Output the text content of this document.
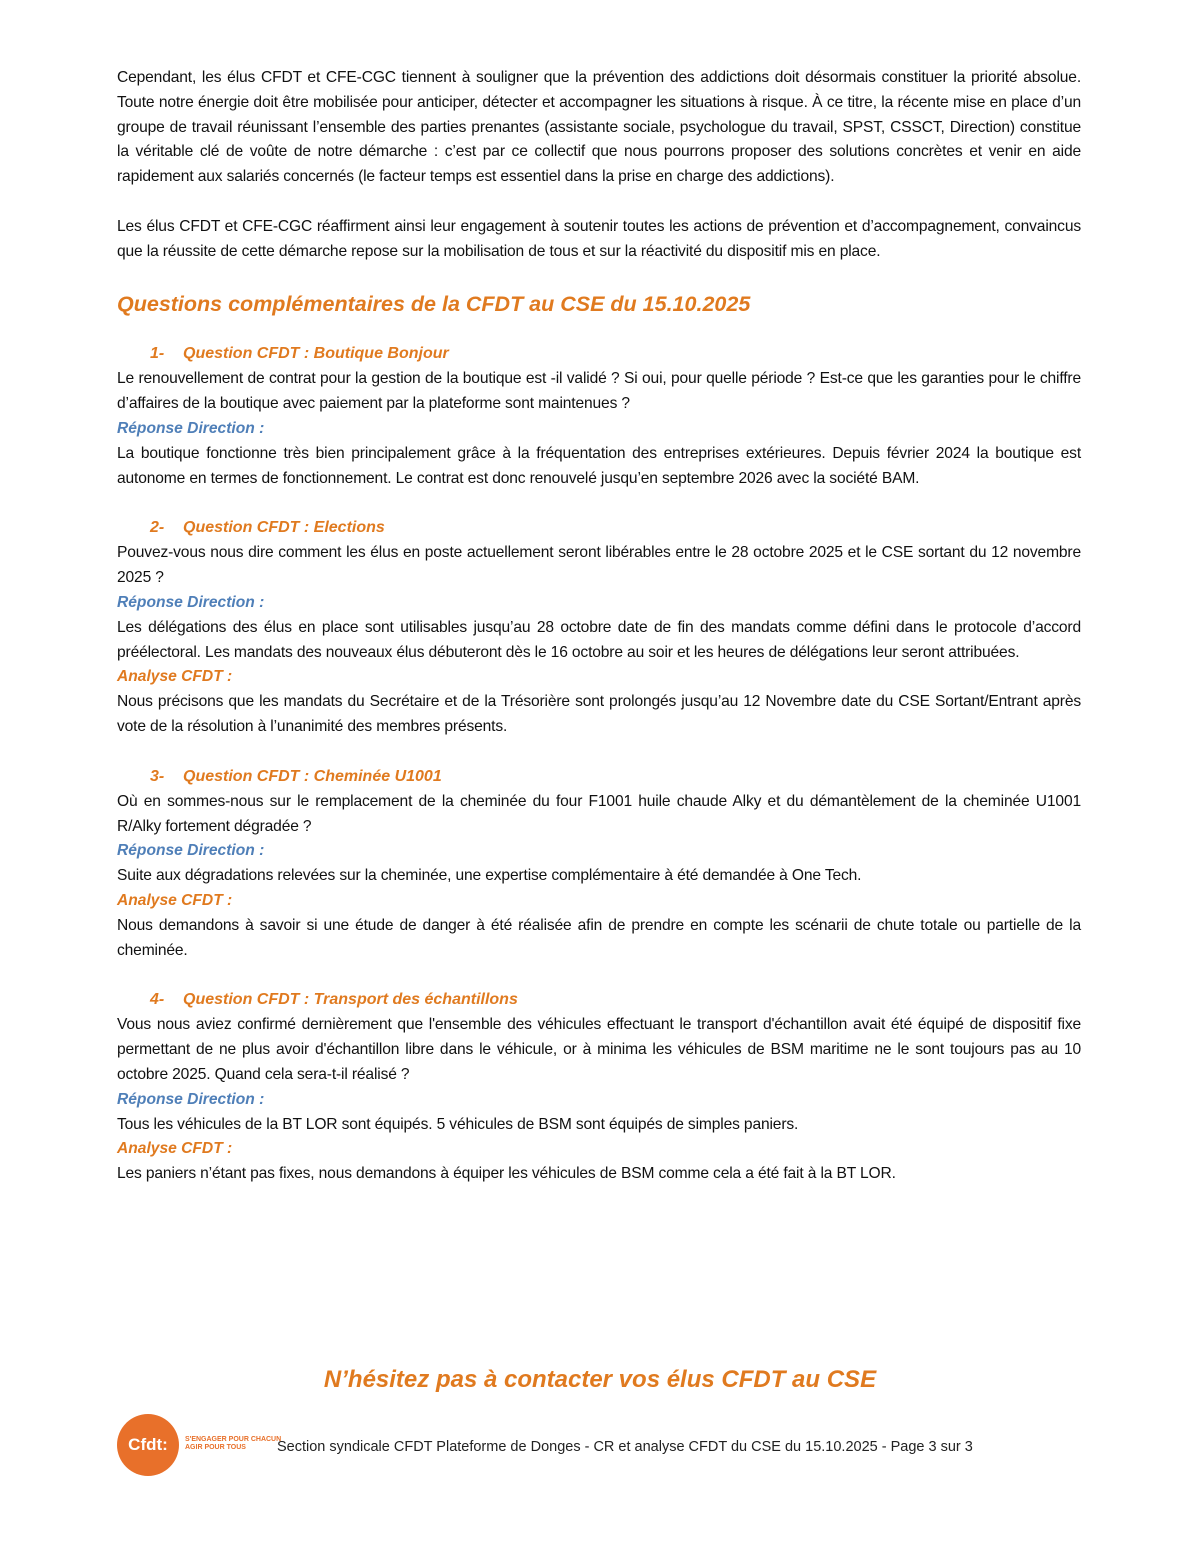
Cependant, les élus CFDT et CFE-CGC tiennent à souligner que la prévention des addictions doit désormais constituer la priorité absolue. Toute notre énergie doit être mobilisée pour anticiper, détecter et accompagner les situations à risque. À ce titre, la récente mise en place d’un groupe de travail réunissant l’ensemble des parties prenantes (assistante sociale, psychologue du travail, SPST, CSSCT, Direction) constitue la véritable clé de voûte de notre démarche : c’est par ce collectif que nous pourrons proposer des solutions concrètes et venir en aide rapidement aux salariés concernés (le facteur temps est essentiel dans la prise en charge des addictions).

Les élus CFDT et CFE-CGC réaffirment ainsi leur engagement à soutenir toutes les actions de prévention et d’accompagnement, convaincus que la réussite de cette démarche repose sur la mobilisation de tous et sur la réactivité du dispositif mis en place.

Questions complémentaires de la CFDT au CSE du 15.10.2025
1- Question CFDT : Boutique Bonjour

Le renouvellement de contrat pour la gestion de la boutique est -il validé ? Si oui, pour quelle période ? Est-ce que les garanties pour le chiffre d’affaires de la boutique avec paiement par la plateforme sont maintenues ?

Réponse Direction :

La boutique fonctionne très bien principalement grâce à la fréquentation des entreprises extérieures. Depuis février 2024 la boutique est autonome en termes de fonctionnement. Le contrat est donc renouvelé jusqu’en septembre 2026 avec la société BAM.

2- Question CFDT : Elections

Pouvez-vous nous dire comment les élus en poste actuellement seront libérables entre le 28 octobre 2025 et le CSE sortant du 12 novembre 2025 ?

Réponse Direction :

Les délégations des élus en place sont utilisables jusqu’au 28 octobre date de fin des mandats comme défini dans le protocole d’accord préélectoral. Les mandats des nouveaux élus débuteront dès le 16 octobre au soir et les heures de délégations leur seront attribuées.

Analyse CFDT :

Nous précisons que les mandats du Secrétaire et de la Trésorière sont prolongés jusqu’au 12 Novembre date du CSE Sortant/Entrant après vote de la résolution à l’unanimité des membres présents.

3- Question CFDT : Cheminée U1001

Où en sommes-nous sur le remplacement de la cheminée du four F1001 huile chaude Alky et du démantèlement de la cheminée U1001 R/Alky fortement dégradée ?

Réponse Direction :

Suite aux dégradations relevées sur la cheminée, une expertise complémentaire à été demandée à One Tech.

Analyse CFDT :

Nous demandons à savoir si une étude de danger à été réalisée afin de prendre en compte les scénarii de chute totale ou partielle de la cheminée.

4- Question CFDT : Transport des échantillons

Vous nous aviez confirmé dernièrement que l'ensemble des véhicules effectuant le transport d'échantillon avait été équipé de dispositif fixe permettant de ne plus avoir d'échantillon libre dans le véhicule, or à minima les véhicules de BSM maritime ne le sont toujours pas au 10 octobre 2025. Quand cela sera-t-il réalisé ?

Réponse Direction :

Tous les véhicules de la BT LOR sont équipés. 5 véhicules de BSM sont équipés de simples paniers.

Analyse CFDT :

Les paniers n’étant pas fixes, nous demandons à équiper les véhicules de BSM comme cela a été fait à la BT LOR.

N’hésitez pas à contacter vos élus CFDT au CSE
Cfdt:	S'ENGAGER POUR CHACUN
AGIR POUR TOUS	Section syndicale CFDT Plateforme de Donges - CR et analyse CFDT du CSE du 15.10.2025 - Page 3 sur 3
